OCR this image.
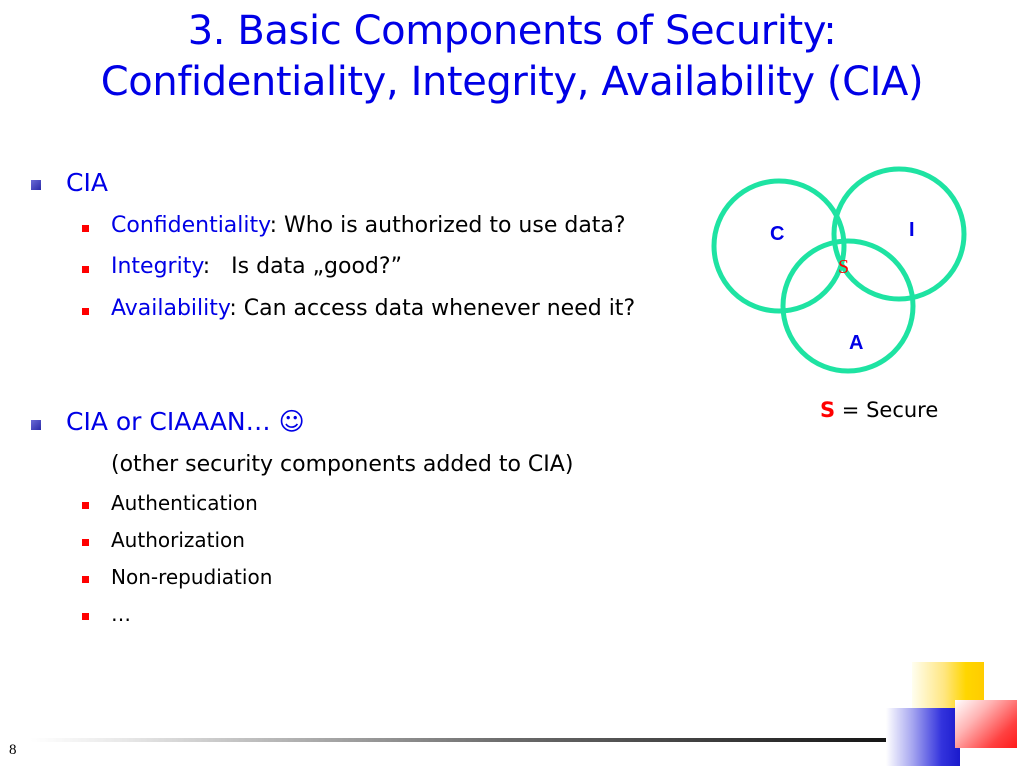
3. Basic Components of Security:
Confidentiality, Integrity, Availability (CIA)
CIA
Confidentiality: Who is authorized to use data?
Integrity:   Is data „good?”
Availability: Can access data whenever need it?
CIA or CIAAAN… ☺
(other security components added to CIA)
Authentication
Authorization
Non-repudiation
…
C	I
A
S
S = Secure
8
